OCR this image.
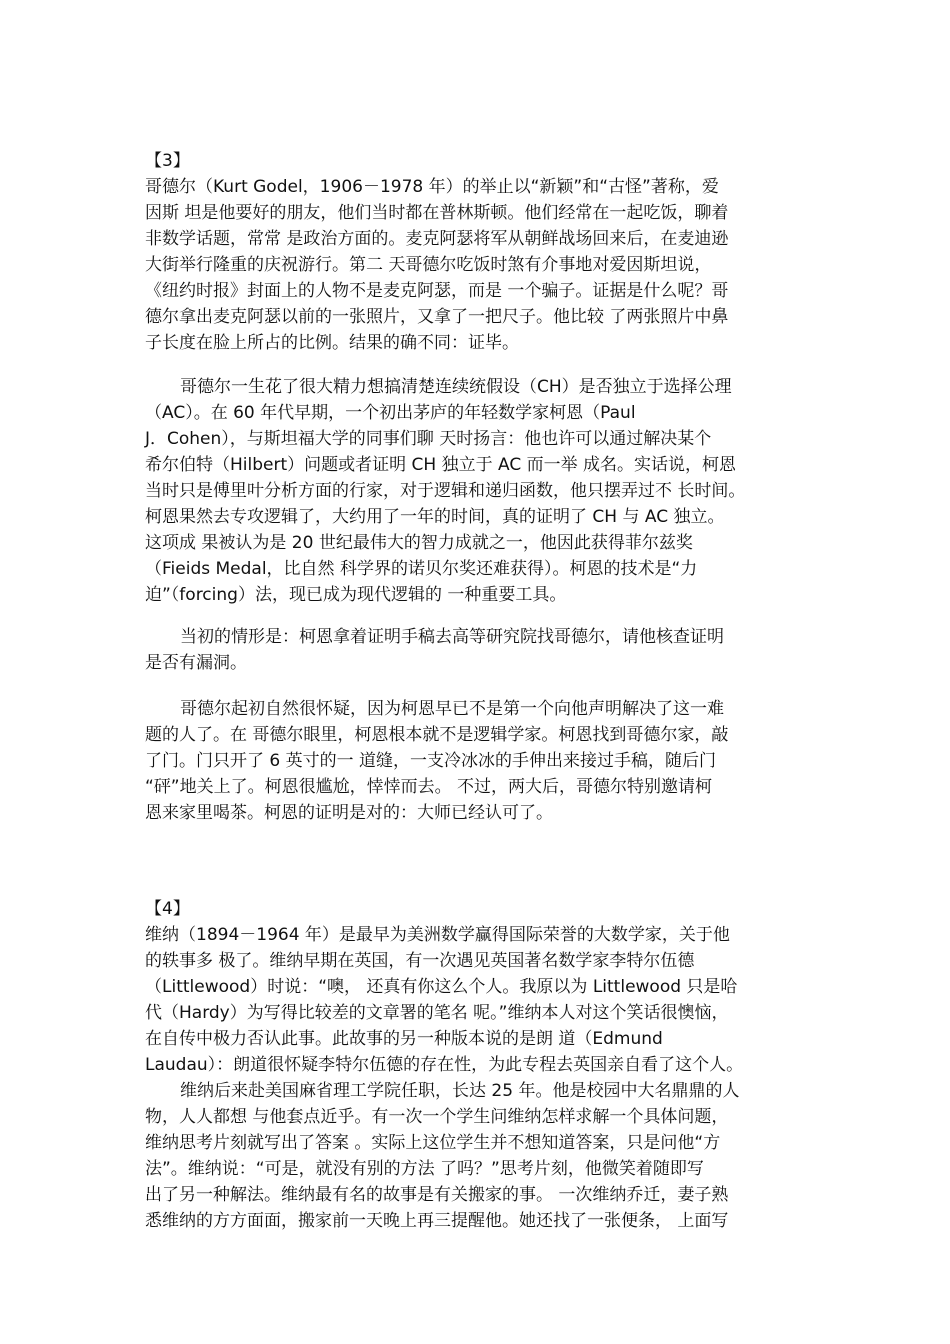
【3】
哥德尔（Kurt Godel，1906－1978 年）的举止以“新颖”和“古怪”著称，爱
因斯 坦是他要好的朋友，他们当时都在普林斯顿。他们经常在一起吃饭，聊着
非数学话题，常常 是政治方面的。麦克阿瑟将军从朝鲜战场回来后，在麦迪逊
大街举行隆重的庆祝游行。第二 天哥德尔吃饭时煞有介事地对爱因斯坦说，
《纽约时报》封面上的人物不是麦克阿瑟，而是 一个骗子。证据是什么呢？哥
德尔拿出麦克阿瑟以前的一张照片，又拿了一把尺子。他比较 了两张照片中鼻
子长度在脸上所占的比例。结果的确不同：证毕。
哥德尔一生花了很大精力想搞清楚连续统假设（CH）是否独立于选择公理
（AC）。在 60 年代早期，一个初出茅庐的年轻数学家柯恩（Paul
J．Cohen），与斯坦福大学的同事们聊 天时扬言：他也许可以通过解决某个
希尔伯特（Hilbert）问题或者证明 CH 独立于 AC 而一举 成名。实话说，柯恩
当时只是傅里叶分析方面的行家，对于逻辑和递归函数，他只摆弄过不 长时间。
柯恩果然去专攻逻辑了，大约用了一年的时间，真的证明了 CH 与 AC 独立。
这项成 果被认为是 20 世纪最伟大的智力成就之一，他因此获得菲尔兹奖
（Fieids Medal，比自然 科学界的诺贝尔奖还难获得）。柯恩的技术是“力
迫”（forcing）法，现已成为现代逻辑的 一种重要工具。
当初的情形是：柯恩拿着证明手稿去高等研究院找哥德尔，请他核查证明
是否有漏洞。
哥德尔起初自然很怀疑，因为柯恩早已不是第一个向他声明解决了这一难
题的人了。在 哥德尔眼里，柯恩根本就不是逻辑学家。柯恩找到哥德尔家，敲
了门。门只开了 6 英寸的一 道缝，一支冷冰冰的手伸出来接过手稿，随后门
“砰”地关上了。柯恩很尴尬，悻悻而去。 不过，两大后，哥德尔特别邀请柯
恩来家里喝茶。柯恩的证明是对的：大师已经认可了。
【4】
维纳（1894－1964 年）是最早为美洲数学赢得国际荣誉的大数学家，关于他
的轶事多 极了。维纳早期在英国，有一次遇见英国著名数学家李特尔伍德
（Littlewood）时说：“噢， 还真有你这么个人。我原以为 Littlewood 只是哈
代（Hardy）为写得比较差的文章署的笔名 呢。”维纳本人对这个笑话很懊恼，
在自传中极力否认此事。此故事的另一种版本说的是朗 道（Edmund
Laudau）：朗道很怀疑李特尔伍德的存在性，为此专程去英国亲自看了这个人。
维纳后来赴美国麻省理工学院任职，长达 25 年。他是校园中大名鼎鼎的人
物，人人都想 与他套点近乎。有一次一个学生问维纳怎样求解一个具体问题，
维纳思考片刻就写出了答案 。实际上这位学生并不想知道答案，只是问他“方
法”。维纳说：“可是，就没有别的方法 了吗？”思考片刻，他微笑着随即写
出了另一种解法。维纳最有名的故事是有关搬家的事。 一次维纳乔迁，妻子熟
悉维纳的方方面面，搬家前一天晚上再三提醒他。她还找了一张便条， 上面写
